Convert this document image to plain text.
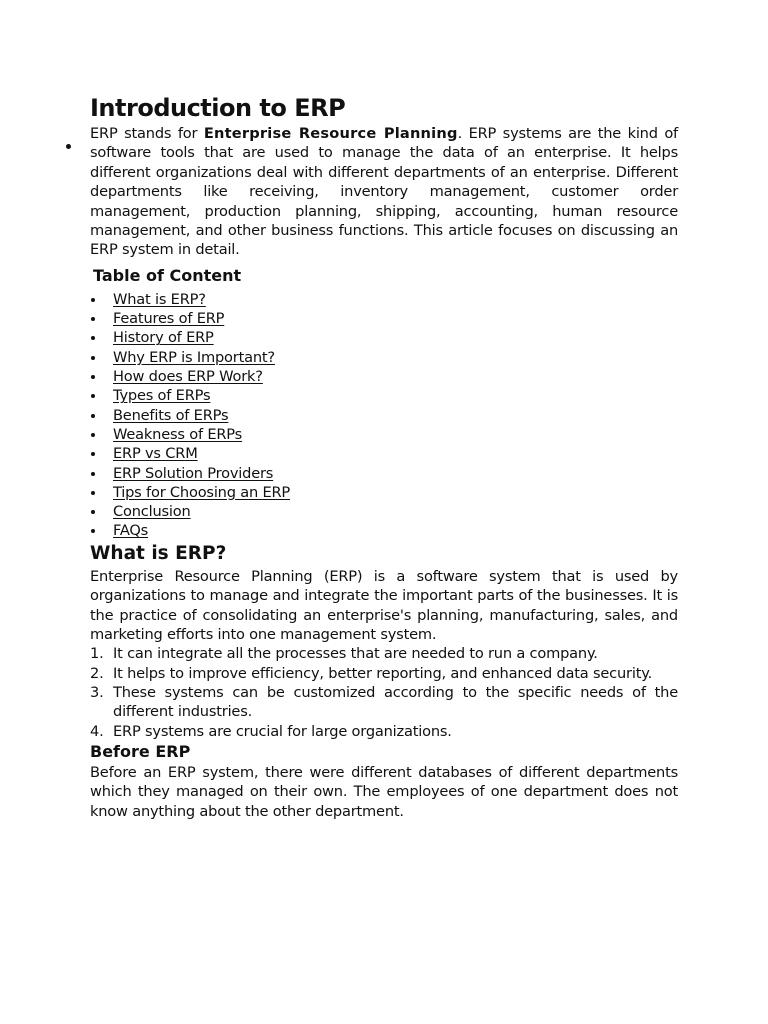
Introduction to ERP

ERP stands for Enterprise Resource Planning. ERP systems are the kind of software tools that are used to manage the data of an enterprise. It helps different organizations deal with different departments of an enterprise. Different departments like receiving, inventory management, customer order management, production planning, shipping, accounting, human resource management, and other business functions. This article focuses on discussing an ERP system in detail.

Table of Content
What is ERP?
Features of ERP
History of ERP
Why ERP is Important?
How does ERP Work?
Types of ERPs
Benefits of ERPs
Weakness of ERPs
ERP vs CRM
ERP Solution Providers
Tips for Choosing an ERP
Conclusion
FAQs
What is ERP?

Enterprise Resource Planning (ERP) is a software system that is used by organizations to manage and integrate the important parts of the businesses. It is the practice of consolidating an enterprise's planning, manufacturing, sales, and marketing efforts into one management system.

1. It can integrate all the processes that are needed to run a company.
2. It helps to improve efficiency, better reporting, and enhanced data security.
3. These systems can be customized according to the specific needs of the different industries.
4. ERP systems are crucial for large organizations.
Before ERP

Before an ERP system, there were different databases of different departments which they managed on their own. The employees of one department does not know anything about the other department.
